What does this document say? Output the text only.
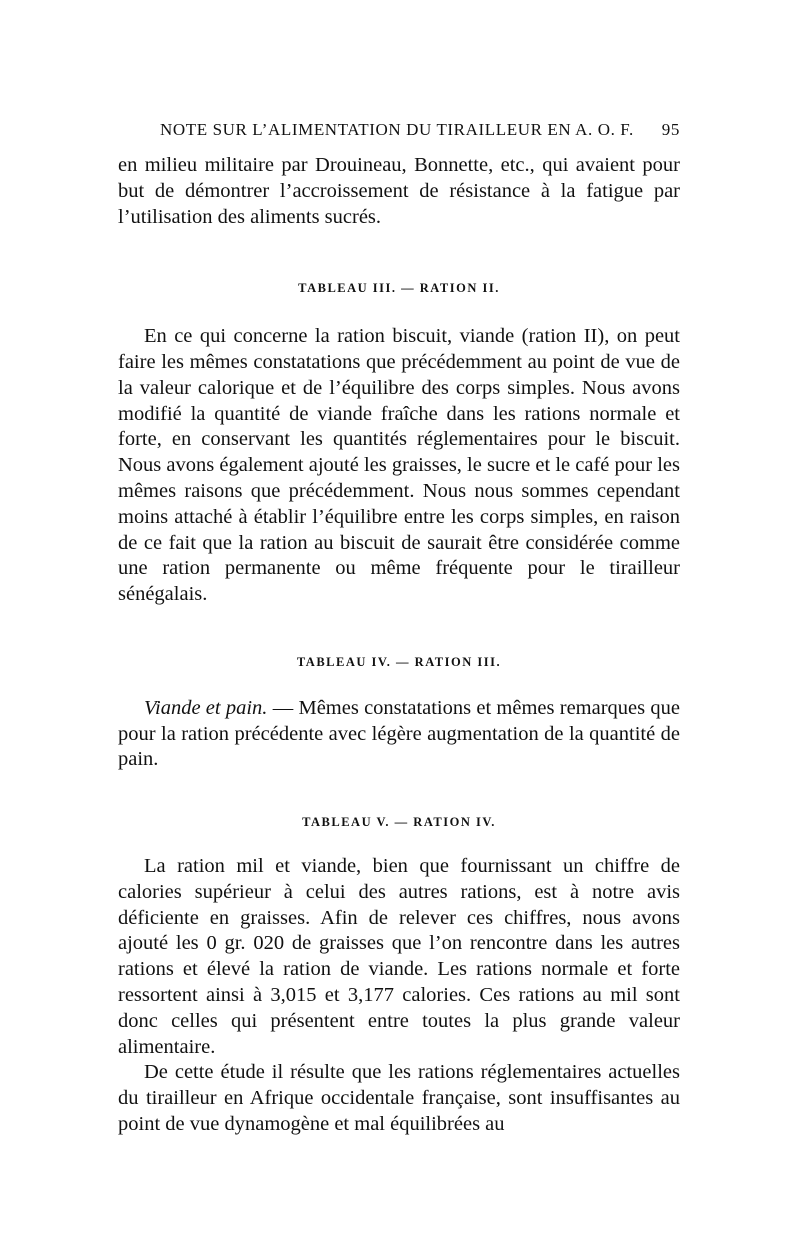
NOTE SUR L’ALIMENTATION DU TIRAILLEUR EN A. O. F. 95

en milieu militaire par Drouineau, Bonnette, etc., qui avaient pour but de démontrer l’accroissement de résistance à la fatigue par l’utilisation des aliments sucrés.

TABLEAU III. — RATION II.

En ce qui concerne la ration biscuit, viande (ration II), on peut faire les mêmes constatations que précédemment au point de vue de la valeur calorique et de l’équilibre des corps simples. Nous avons modifié la quantité de viande fraîche dans les rations normale et forte, en conservant les quantités réglementaires pour le biscuit. Nous avons également ajouté les graisses, le sucre et le café pour les mêmes raisons que précédemment. Nous nous sommes cependant moins attaché à établir l’équilibre entre les corps simples, en raison de ce fait que la ration au biscuit de saurait être considérée comme une ration permanente ou même fréquente pour le tirailleur sénégalais.

TABLEAU IV. — RATION III.

Viande et pain. — Mêmes constatations et mêmes remarques que pour la ration précédente avec légère augmentation de la quantité de pain.

TABLEAU V. — RATION IV.

La ration mil et viande, bien que fournissant un chiffre de calories supérieur à celui des autres rations, est à notre avis déficiente en graisses. Afin de relever ces chiffres, nous avons ajouté les 0 gr. 020 de graisses que l’on rencontre dans les autres rations et élevé la ration de viande. Les rations normale et forte ressortent ainsi à 3,015 et 3,177 calories. Ces rations au mil sont donc celles qui présentent entre toutes la plus grande valeur alimentaire.

De cette étude il résulte que les rations réglementaires actuelles du tirailleur en Afrique occidentale française, sont insuffisantes au point de vue dynamogène et mal équilibrées au
